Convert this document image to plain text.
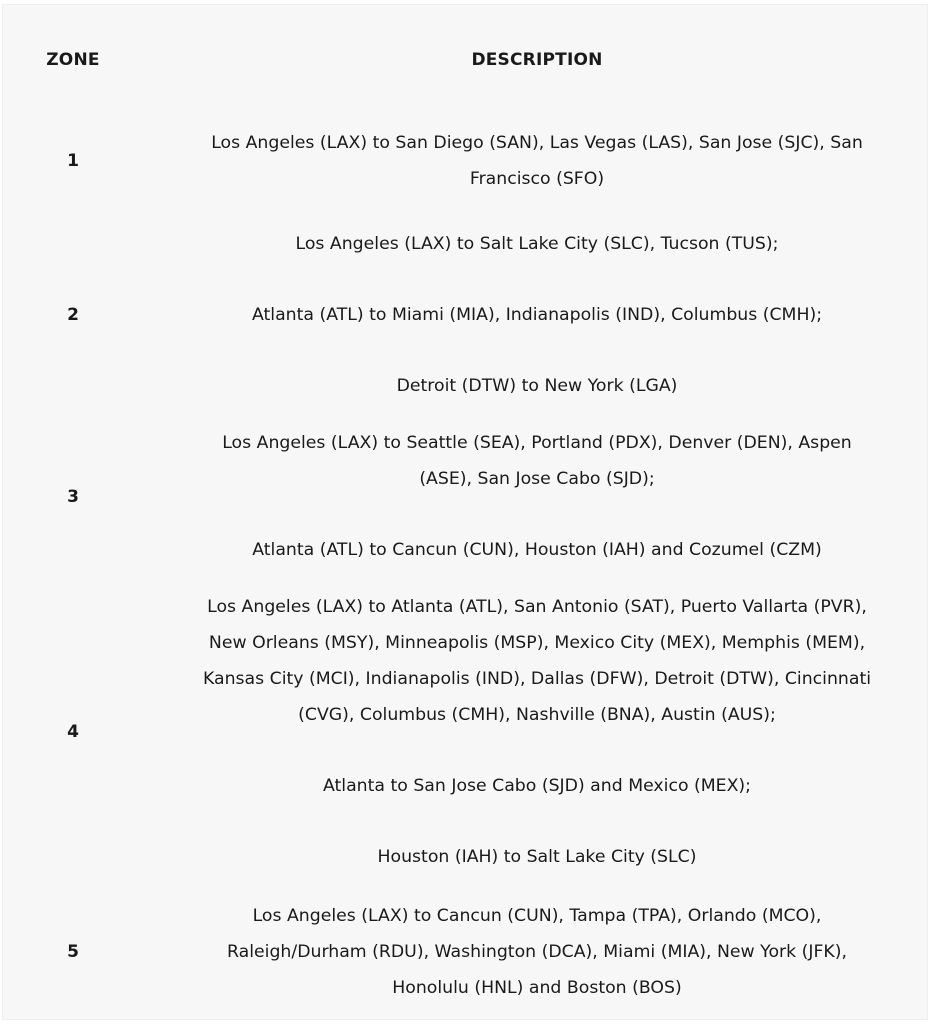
ZONE	DESCRIPTION
1

Los Angeles (LAX) to San Diego (SAN), Las Vegas (LAS), San Jose (SJC), San
Francisco (SFO)

2

Los Angeles (LAX) to Salt Lake City (SLC), Tucson (TUS);

Atlanta (ATL) to Miami (MIA), Indianapolis (IND), Columbus (CMH);

Detroit (DTW) to New York (LGA)

3

Los Angeles (LAX) to Seattle (SEA), Portland (PDX), Denver (DEN), Aspen
(ASE), San Jose Cabo (SJD);

Atlanta (ATL) to Cancun (CUN), Houston (IAH) and Cozumel (CZM)

4

Los Angeles (LAX) to Atlanta (ATL), San Antonio (SAT), Puerto Vallarta (PVR),
New Orleans (MSY), Minneapolis (MSP), Mexico City (MEX), Memphis (MEM),
Kansas City (MCI), Indianapolis (IND), Dallas (DFW), Detroit (DTW), Cincinnati
(CVG), Columbus (CMH), Nashville (BNA), Austin (AUS);

Atlanta to San Jose Cabo (SJD) and Mexico (MEX);

Houston (IAH) to Salt Lake City (SLC)

5

Los Angeles (LAX) to Cancun (CUN), Tampa (TPA), Orlando (MCO),
Raleigh/Durham (RDU), Washington (DCA), Miami (MIA), New York (JFK),
Honolulu (HNL) and Boston (BOS)
